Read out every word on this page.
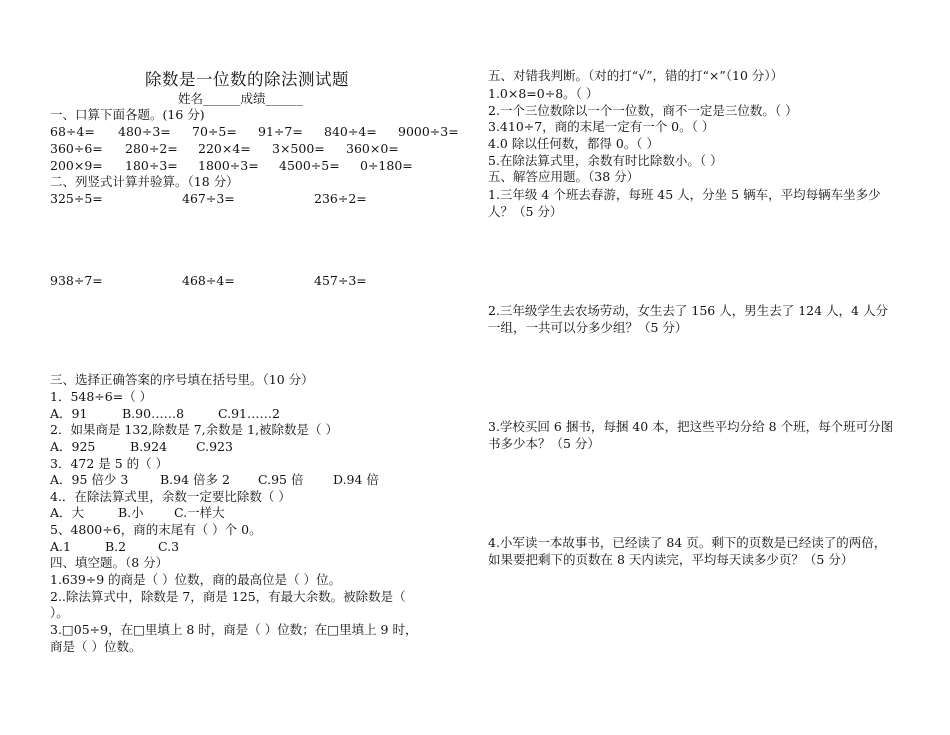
除数是一位数的除法测试题
姓名______成绩______
一、口算下面各题。(16 分)
68÷4= 480÷3= 70÷5= 91÷7= 840÷4= 9000÷3=
360÷6= 280÷2= 220×4= 3×500= 360×0=
200×9= 180÷3= 1800÷3= 4500÷5= 0÷180=
二、列竖式计算并验算。（18 分）
325÷5=	467÷3=	236÷2=
938÷7=	468÷4=	457÷3=
三、选择正确答案的序号填在括号里。（10 分）
1．548÷6=（ ）
A．91	B.90……8	C.91……2
2．如果商是 132,除数是 7,余数是 1,被除数是（ ）
A．925	B.924 C.923
3．472 是 5 的（ ）
A．95 倍少 3	B.94 倍多 2 C.95 倍 D.94 倍
4.．在除法算式里，余数一定要比除数（ ）
A．大	B.小 C.一样大
5、4800÷6，商的末尾有（ ）个 0。
A.1	B.2	C.3
四、填空题。（8 分）
1.639÷9 的商是（ ）位数，商的最高位是（ ）位。
2..除法算式中，除数是 7，商是 125，有最大余数。被除数是（
）。
3.□05÷9，在□里填上 8 时，商是（ ）位数；在□里填上 9 时，
商是（ ）位数。
五、对错我判断。（对的打“√”，错的打“×”（10 分））
1.0×8=0÷8。（ ）
2.一个三位数除以一个一位数，商不一定是三位数。（ ）
3.410÷7，商的末尾一定有一个 0。（ ）
4.0 除以任何数，都得 0。（ ）
5.在除法算式里，余数有时比除数小。（ ）
五、解答应用题。（38 分）
1.三年级 4 个班去春游，每班 45 人，分坐 5 辆车，平均每辆车坐多少人？（5 分）
2.三年级学生去农场劳动，女生去了 156 人，男生去了 124 人，4 人分一组，一共可以分多少组？（5 分）
3.学校买回 6 捆书，每捆 40 本，把这些平均分给 8 个班，每个班可分图书多少本？（5 分）
4.小军读一本故事书，已经读了 84 页。剩下的页数是已经读了的两倍，如果要把剩下的页数在 8 天内读完，平均每天读多少页？（5 分）
